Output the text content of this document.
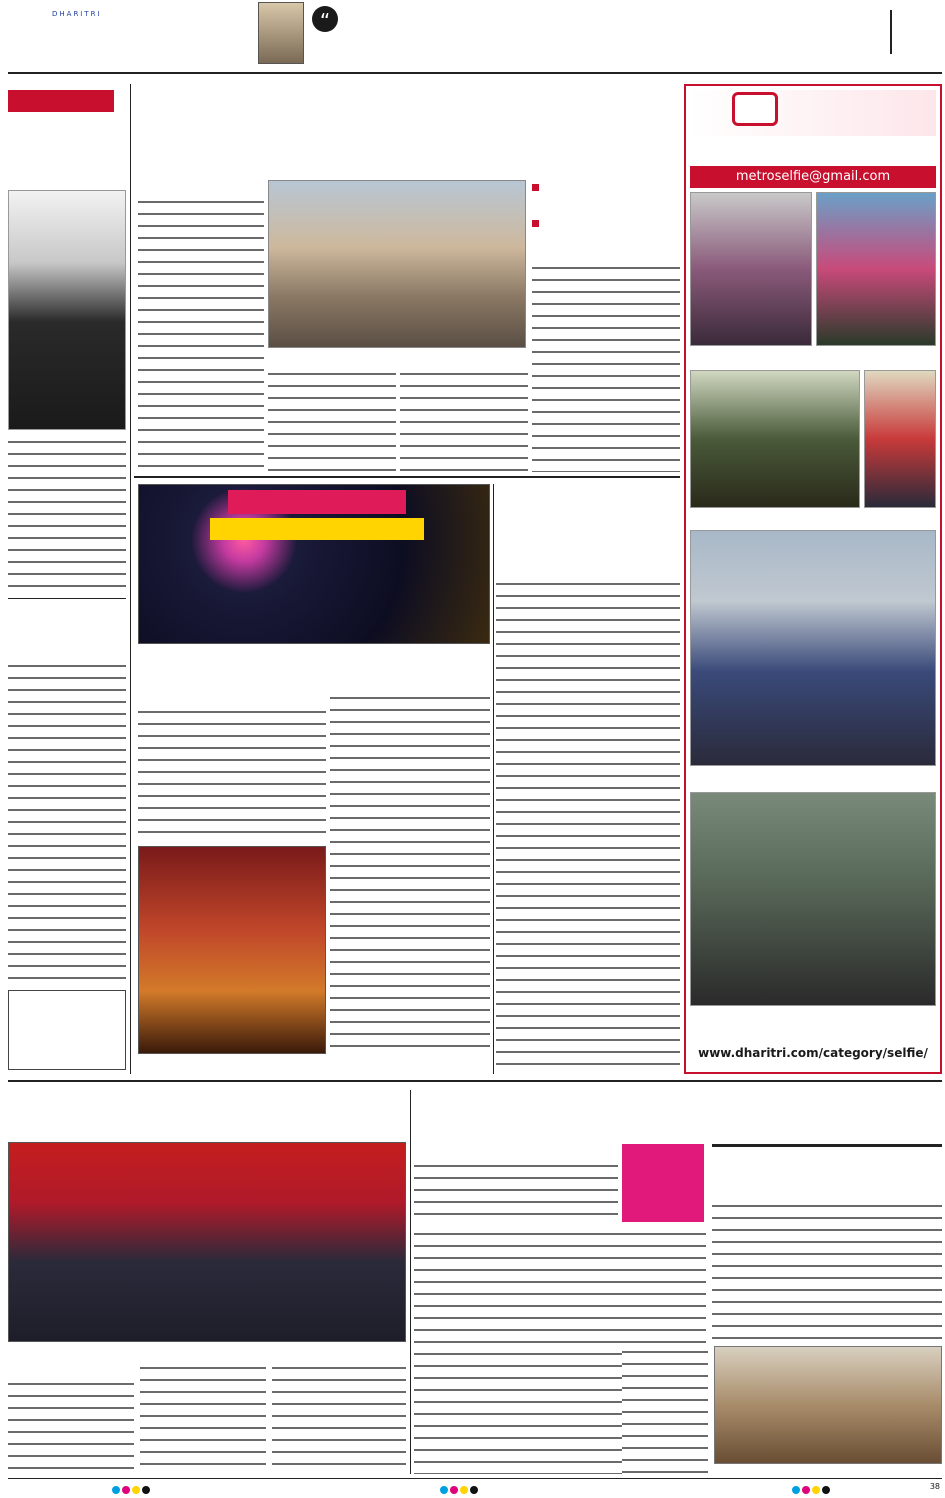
DHARITRI	“
metroselfie@gmail.com
www.dharitri.com/category/selfie/
38
